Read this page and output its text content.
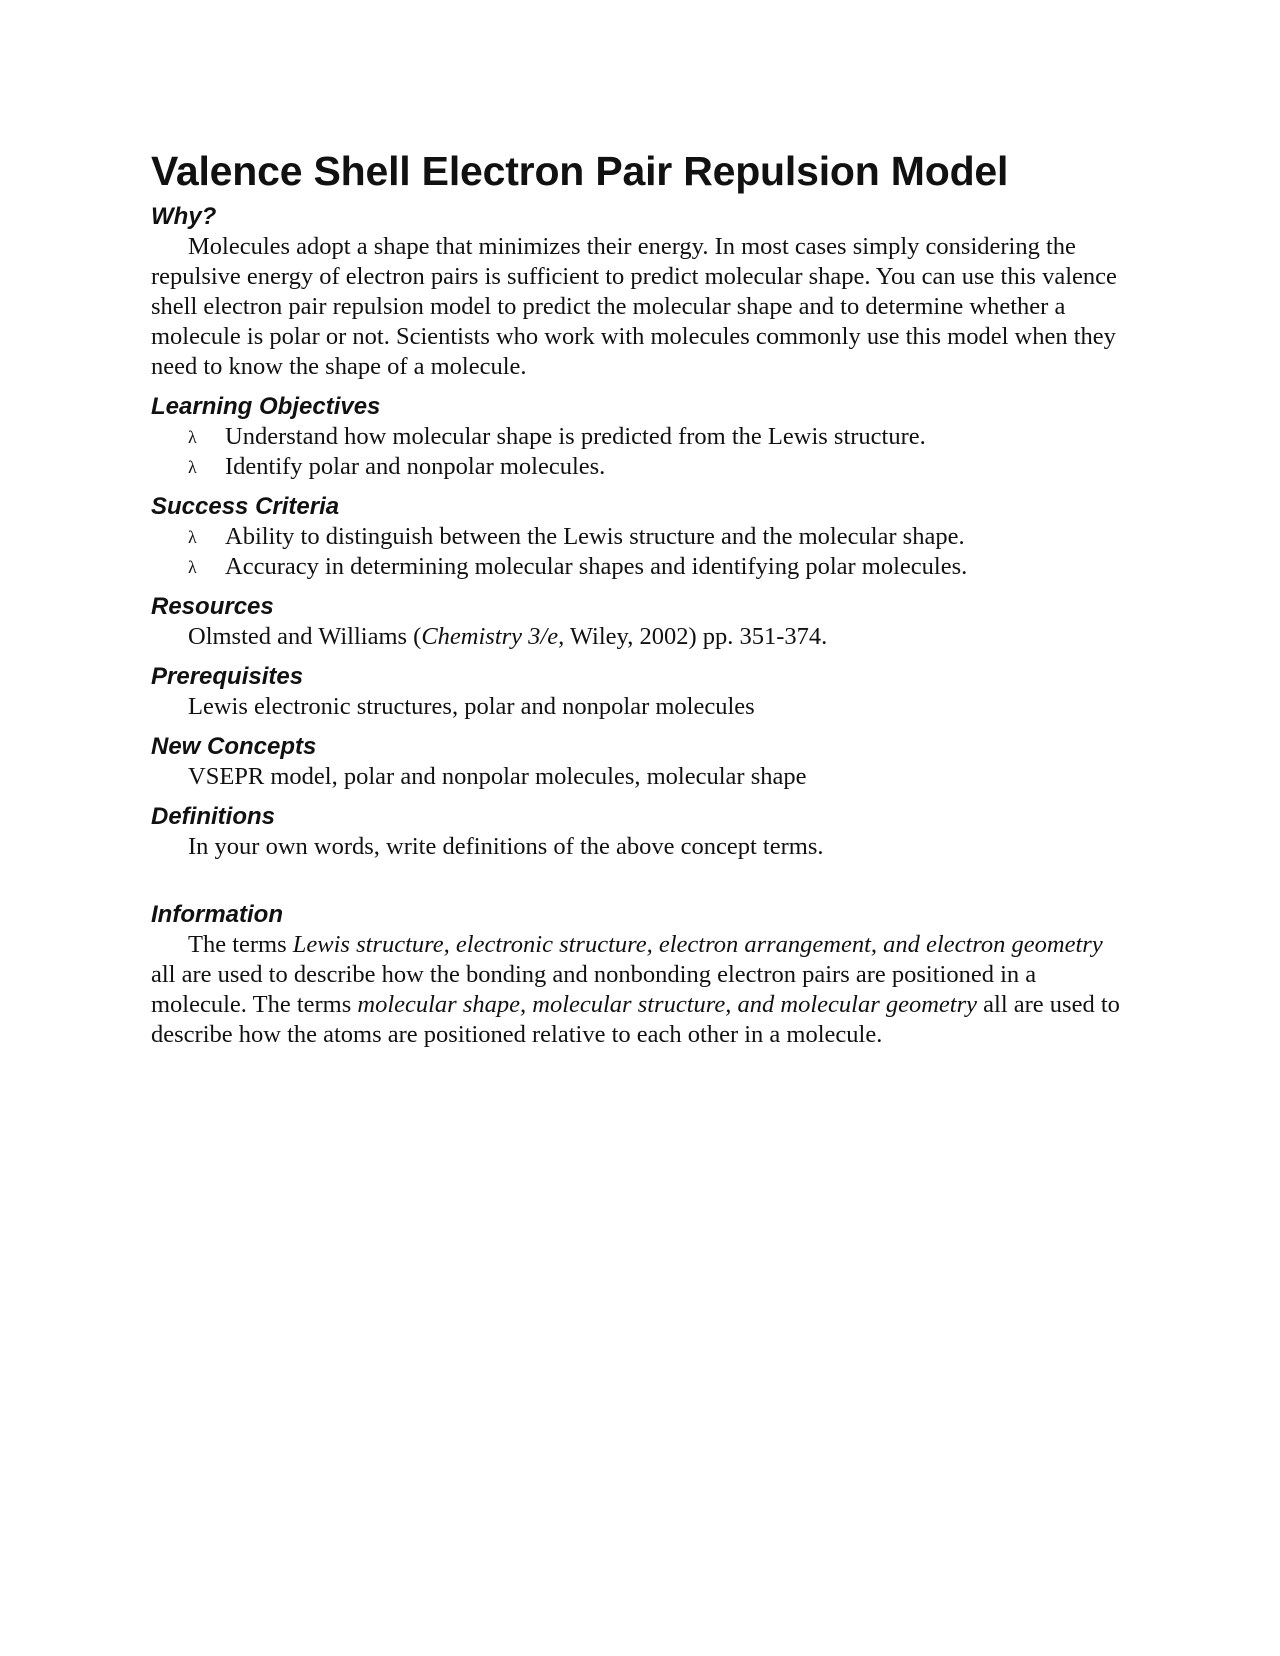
Valence Shell Electron Pair Repulsion Model
Why?

Molecules adopt a shape that minimizes their energy. In most cases simply considering the repulsive energy of electron pairs is sufficient to predict molecular shape. You can use this valence shell electron pair repulsion model to predict the molecular shape and to determine whether a molecule is polar or not. Scientists who work with molecules commonly use this model when they need to know the shape of a molecule.

Learning Objectives
λ	Understand how molecular shape is predicted from the Lewis structure.
λ	Identify polar and nonpolar molecules.
Success Criteria
λ	Ability to distinguish between the Lewis structure and the molecular shape.
λ	Accuracy in determining molecular shapes and identifying polar molecules.
Resources

Olmsted and Williams (Chemistry 3/e, Wiley, 2002) pp. 351-374.

Prerequisites

Lewis electronic structures, polar and nonpolar molecules

New Concepts

VSEPR model, polar and nonpolar molecules, molecular shape

Definitions

In your own words, write definitions of the above concept terms.

Information

The terms Lewis structure, electronic structure, electron arrangement, and electron geometry all are used to describe how the bonding and nonbonding electron pairs are positioned in a molecule. The terms molecular shape, molecular structure, and molecular geometry all are used to describe how the atoms are positioned relative to each other in a molecule.
